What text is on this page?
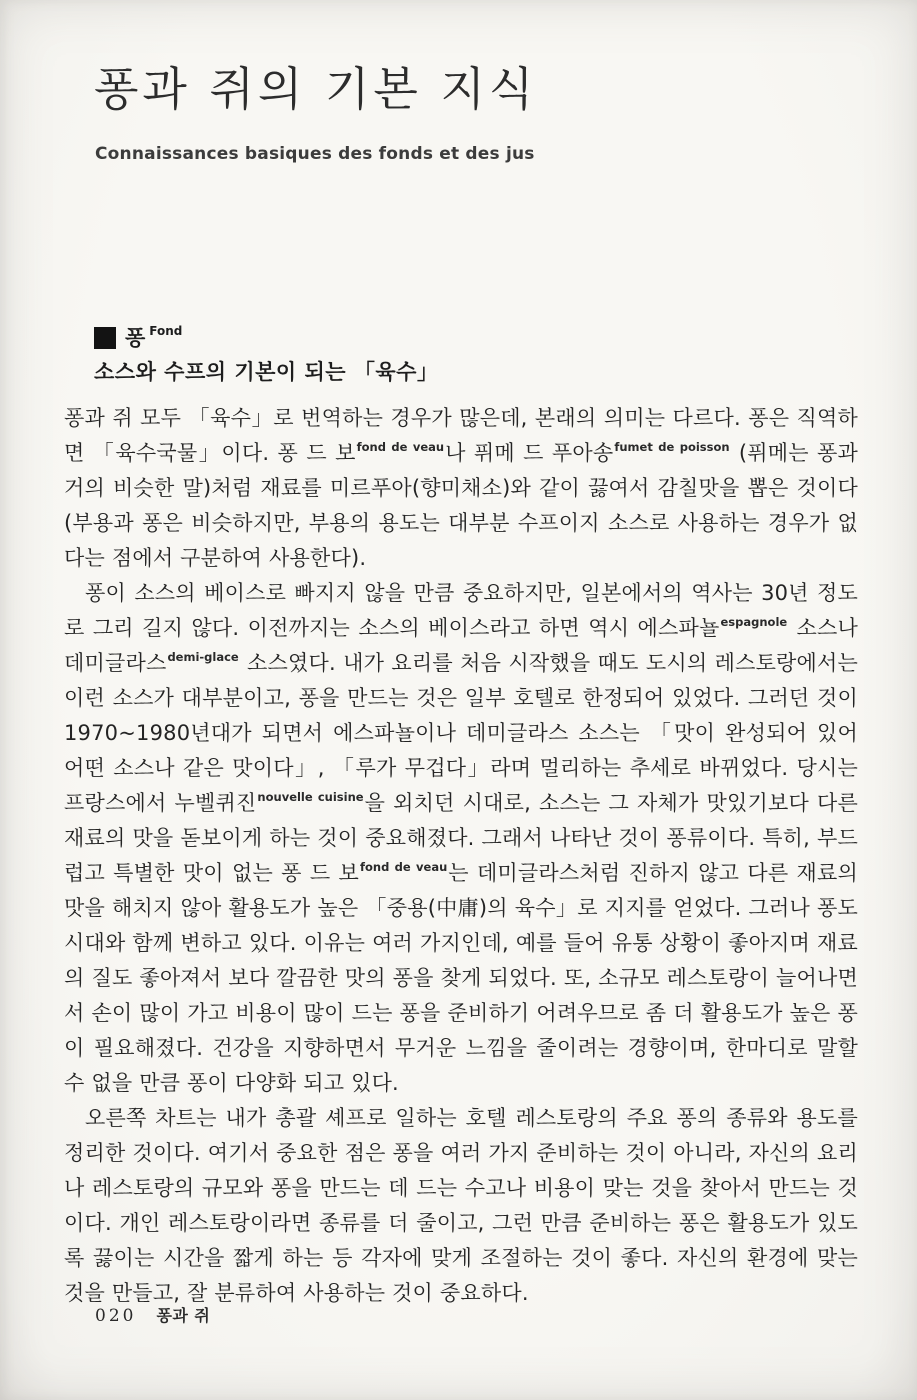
퐁과 쥐의 기본 지식

Connaissances basiques des fonds et des jus

퐁 Fond
소스와 수프의 기본이 되는 「육수」

퐁과 쥐 모두 「육수」로 번역하는 경우가 많은데, 본래의 의미는 다르다. 퐁은 직역하면 「육수국물」이다. 퐁 드 보$^{fond de veau}$나 퓌메 드 푸아송$^{fumet de poisson}$ (퓌메는 퐁과 거의 비슷한 말)처럼 재료를 미르푸아(향미채소)와 같이 끓여서 감칠맛을 뽑은 것이다(부용과 퐁은 비슷하지만, 부용의 용도는 대부분 수프이지 소스로 사용하는 경우가 없다는 점에서 구분하여 사용한다).

퐁이 소스의 베이스로 빠지지 않을 만큼 중요하지만, 일본에서의 역사는 30년 정도로 그리 길지 않다. 이전까지는 소스의 베이스라고 하면 역시 에스파뇰$^{espagnole}$ 소스나 데미글라스$^{demi-glace}$ 소스였다. 내가 요리를 처음 시작했을 때도 도시의 레스토랑에서는 이런 소스가 대부분이고, 퐁을 만드는 것은 일부 호텔로 한정되어 있었다. 그러던 것이 1970~1980년대가 되면서 에스파뇰이나 데미글라스 소스는 「맛이 완성되어 있어 어떤 소스나 같은 맛이다」, 「루가 무겁다」라며 멀리하는 추세로 바뀌었다. 당시는 프랑스에서 누벨퀴진$^{nouvelle cuisine}$을 외치던 시대로, 소스는 그 자체가 맛있기보다 다른 재료의 맛을 돋보이게 하는 것이 중요해졌다. 그래서 나타난 것이 퐁류이다. 특히, 부드럽고 특별한 맛이 없는 퐁 드 보$^{fond de veau}$는 데미글라스처럼 진하지 않고 다른 재료의 맛을 해치지 않아 활용도가 높은 「중용(中庸)의 육수」로 지지를 얻었다. 그러나 퐁도 시대와 함께 변하고 있다. 이유는 여러 가지인데, 예를 들어 유통 상황이 좋아지며 재료의 질도 좋아져서 보다 깔끔한 맛의 퐁을 찾게 되었다. 또, 소규모 레스토랑이 늘어나면서 손이 많이 가고 비용이 많이 드는 퐁을 준비하기 어려우므로 좀 더 활용도가 높은 퐁이 필요해졌다. 건강을 지향하면서 무거운 느낌을 줄이려는 경향이며, 한마디로 말할 수 없을 만큼 퐁이 다양화 되고 있다.

오른쪽 차트는 내가 총괄 셰프로 일하는 호텔 레스토랑의 주요 퐁의 종류와 용도를 정리한 것이다. 여기서 중요한 점은 퐁을 여러 가지 준비하는 것이 아니라, 자신의 요리나 레스토랑의 규모와 퐁을 만드는 데 드는 수고나 비용이 맞는 것을 찾아서 만드는 것이다. 개인 레스토랑이라면 종류를 더 줄이고, 그런 만큼 준비하는 퐁은 활용도가 있도록 끓이는 시간을 짧게 하는 등 각자에 맞게 조절하는 것이 좋다. 자신의 환경에 맞는 것을 만들고, 잘 분류하여 사용하는 것이 중요하다.

020 퐁과 쥐
